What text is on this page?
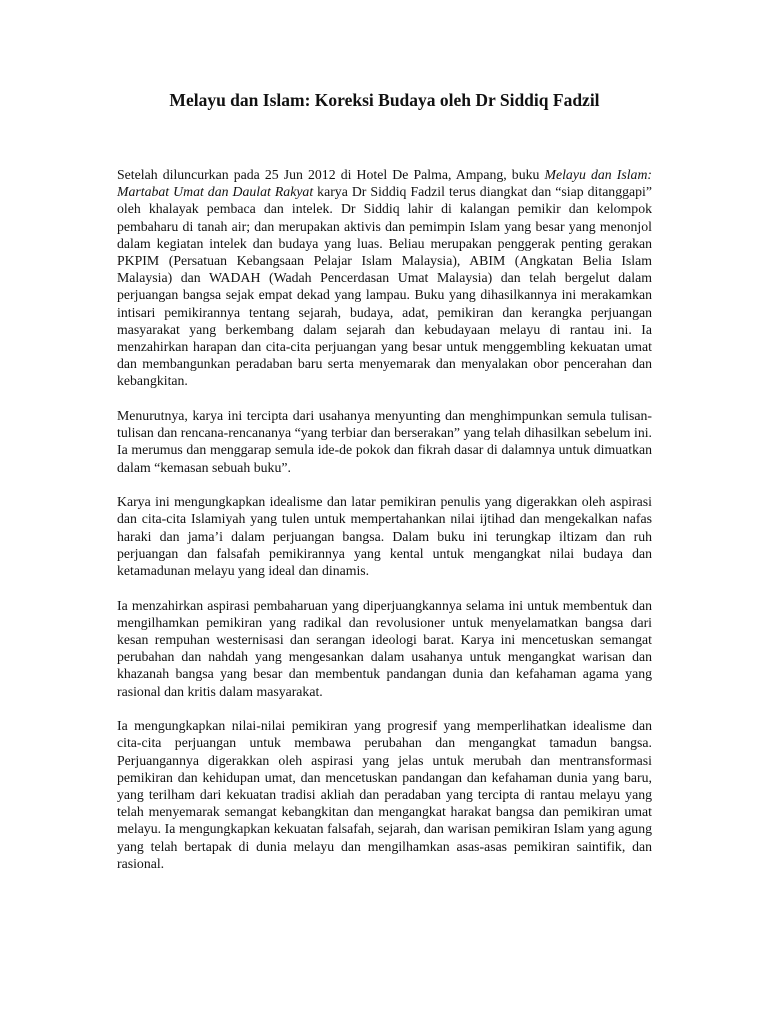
Melayu dan Islam: Koreksi Budaya oleh Dr Siddiq Fadzil

Setelah diluncurkan pada 25 Jun 2012 di Hotel De Palma, Ampang, buku Melayu dan Islam: Martabat Umat dan Daulat Rakyat karya Dr Siddiq Fadzil terus diangkat dan “siap ditanggapi” oleh khalayak pembaca dan intelek. Dr Siddiq lahir di kalangan pemikir dan kelompok pembaharu di tanah air; dan merupakan aktivis dan pemimpin Islam yang besar yang menonjol dalam kegiatan intelek dan budaya yang luas. Beliau merupakan penggerak penting gerakan PKPIM (Persatuan Kebangsaan Pelajar Islam Malaysia), ABIM (Angkatan Belia Islam Malaysia) dan WADAH (Wadah Pencerdasan Umat Malaysia) dan telah bergelut dalam perjuangan bangsa sejak empat dekad yang lampau. Buku yang dihasilkannya ini merakamkan intisari pemikirannya tentang sejarah, budaya, adat, pemikiran dan kerangka perjuangan masyarakat yang berkembang dalam sejarah dan kebudayaan melayu di rantau ini. Ia menzahirkan harapan dan cita-cita perjuangan yang besar untuk menggembling kekuatan umat dan membangunkan peradaban baru serta menyemarak dan menyalakan obor pencerahan dan kebangkitan.

Menurutnya, karya ini tercipta dari usahanya menyunting dan menghimpunkan semula tulisan-tulisan dan rencana-rencananya “yang terbiar dan berserakan” yang telah dihasilkan sebelum ini. Ia merumus dan menggarap semula ide-de pokok dan fikrah dasar di dalamnya untuk dimuatkan dalam “kemasan sebuah buku”.

Karya ini mengungkapkan idealisme dan latar pemikiran penulis yang digerakkan oleh aspirasi dan cita-cita Islamiyah yang tulen untuk mempertahankan nilai ijtihad dan mengekalkan nafas haraki dan jama’i dalam perjuangan bangsa. Dalam buku ini terungkap iltizam dan ruh perjuangan dan falsafah pemikirannya yang kental untuk mengangkat nilai budaya dan ketamadunan melayu yang ideal dan dinamis.

Ia menzahirkan aspirasi pembaharuan yang diperjuangkannya selama ini untuk membentuk dan mengilhamkan pemikiran yang radikal dan revolusioner untuk menyelamatkan bangsa dari kesan rempuhan westernisasi dan serangan ideologi barat. Karya ini mencetuskan semangat perubahan dan nahdah yang mengesankan dalam usahanya untuk mengangkat warisan dan khazanah bangsa yang besar dan membentuk pandangan dunia dan kefahaman agama yang rasional dan kritis dalam masyarakat.

Ia mengungkapkan nilai-nilai pemikiran yang progresif yang memperlihatkan idealisme dan cita-cita perjuangan untuk membawa perubahan dan mengangkat tamadun bangsa. Perjuangannya digerakkan oleh aspirasi yang jelas untuk merubah dan mentransformasi pemikiran dan kehidupan umat, dan mencetuskan pandangan dan kefahaman dunia yang baru, yang terilham dari kekuatan tradisi akliah dan peradaban yang tercipta di rantau melayu yang telah menyemarak semangat kebangkitan dan mengangkat harakat bangsa dan pemikiran umat melayu. Ia mengungkapkan kekuatan falsafah, sejarah, dan warisan pemikiran Islam yang agung yang telah bertapak di dunia melayu dan mengilhamkan asas-asas pemikiran saintifik, dan rasional.
